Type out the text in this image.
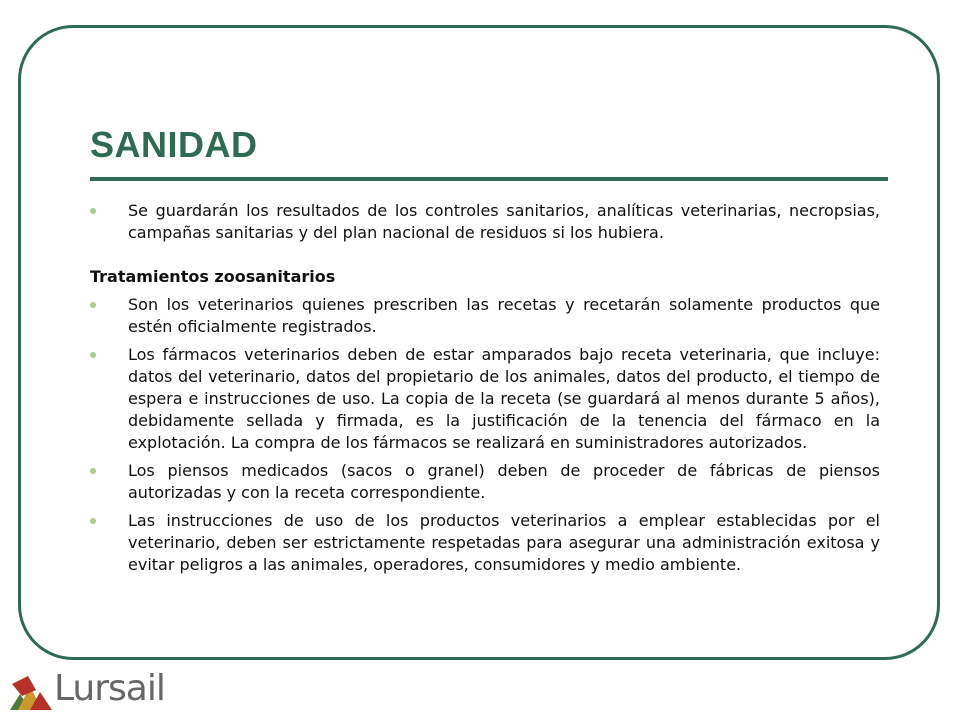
SANIDAD
Se guardarán los resultados de los controles sanitarios, analíticas veterinarias, necropsias, campañas sanitarias y del plan nacional de residuos si los hubiera.
Tratamientos zoosanitarios
Son los veterinarios quienes prescriben las recetas y recetarán solamente productos que estén oficialmente registrados.
Los fármacos veterinarios deben de estar amparados bajo receta veterinaria, que incluye: datos del veterinario, datos del propietario de los animales, datos del producto, el tiempo de espera e instrucciones de uso. La copia de la receta (se guardará al menos durante 5 años), debidamente sellada y firmada, es la justificación de la tenencia del fármaco en la explotación. La compra de los fármacos se realizará en suministradores autorizados.
Los piensos medicados (sacos o granel) deben de proceder de fábricas de piensos autorizadas y con la receta correspondiente.
Las instrucciones de uso de los productos veterinarios a emplear establecidas por el veterinario, deben ser estrictamente respetadas para asegurar una administración exitosa y evitar peligros a las animales, operadores, consumidores y medio ambiente.
Lursail
